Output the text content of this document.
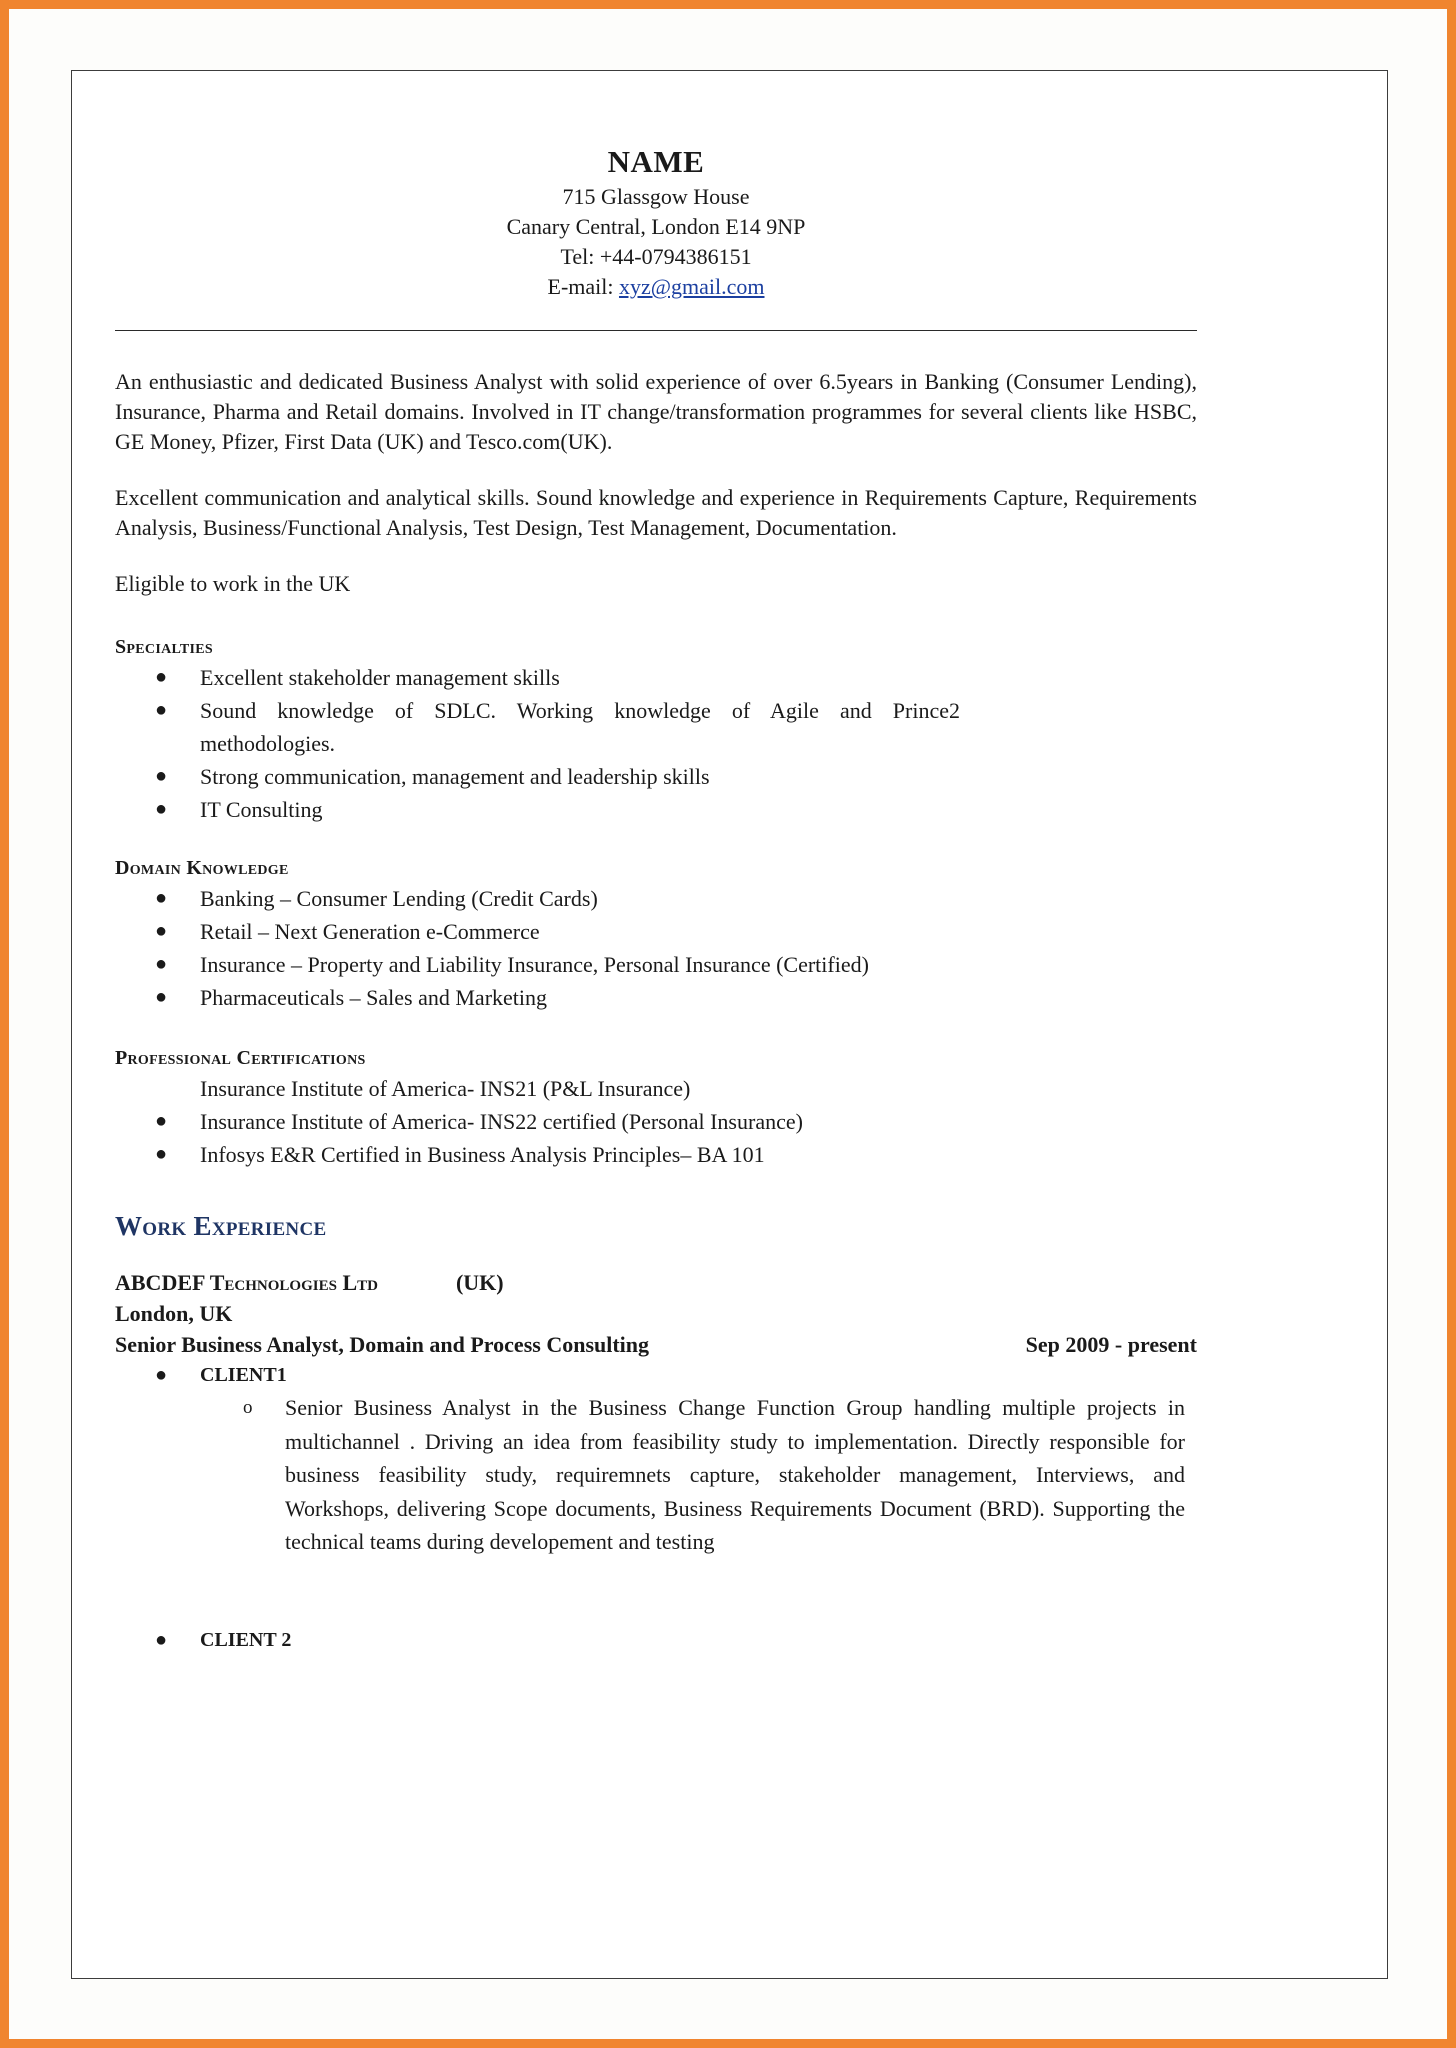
NAME
715 Glassgow House
Canary Central, London E14 9NP
Tel: +44-0794386151
E-mail: xyz@gmail.com

An enthusiastic and dedicated Business Analyst with solid experience of over 6.5years in Banking (Consumer Lending), Insurance, Pharma and Retail domains. Involved in IT change/transformation programmes for several clients like HSBC, GE Money, Pfizer, First Data (UK) and Tesco.com(UK).

Excellent communication and analytical skills. Sound knowledge and experience in Requirements Capture, Requirements Analysis, Business/Functional Analysis, Test Design, Test Management, Documentation.

Eligible to work in the UK

Specialties
● Excellent stakeholder management skills
● Sound knowledge of SDLC. Working knowledge of Agile and Prince2 methodologies.
● Strong communication, management and leadership skills
● IT Consulting
Domain Knowledge
● Banking – Consumer Lending (Credit Cards)
● Retail – Next Generation e-Commerce
● Insurance – Property and Liability Insurance, Personal Insurance (Certified)
● Pharmaceuticals – Sales and Marketing
Professional Certifications
Insurance Institute of America- INS21 (P&L Insurance)
● Insurance Institute of America- INS22 certified (Personal Insurance)
● Infosys E&R Certified in Business Analysis Principles– BA 101
Work Experience
ABCDEF Technologies Ltd	(UK)
London, UK
Senior Business Analyst, Domain and Process Consulting	Sep 2009 - present
● CLIENT1
o Senior Business Analyst in the Business Change Function Group handling multiple projects in multichannel . Driving an idea from feasibility study to implementation. Directly responsible for business feasibility study, requiremnets capture, stakeholder management, Interviews, and Workshops, delivering Scope documents, Business Requirements Document (BRD). Supporting the technical teams during developement and testing
● CLIENT 2
